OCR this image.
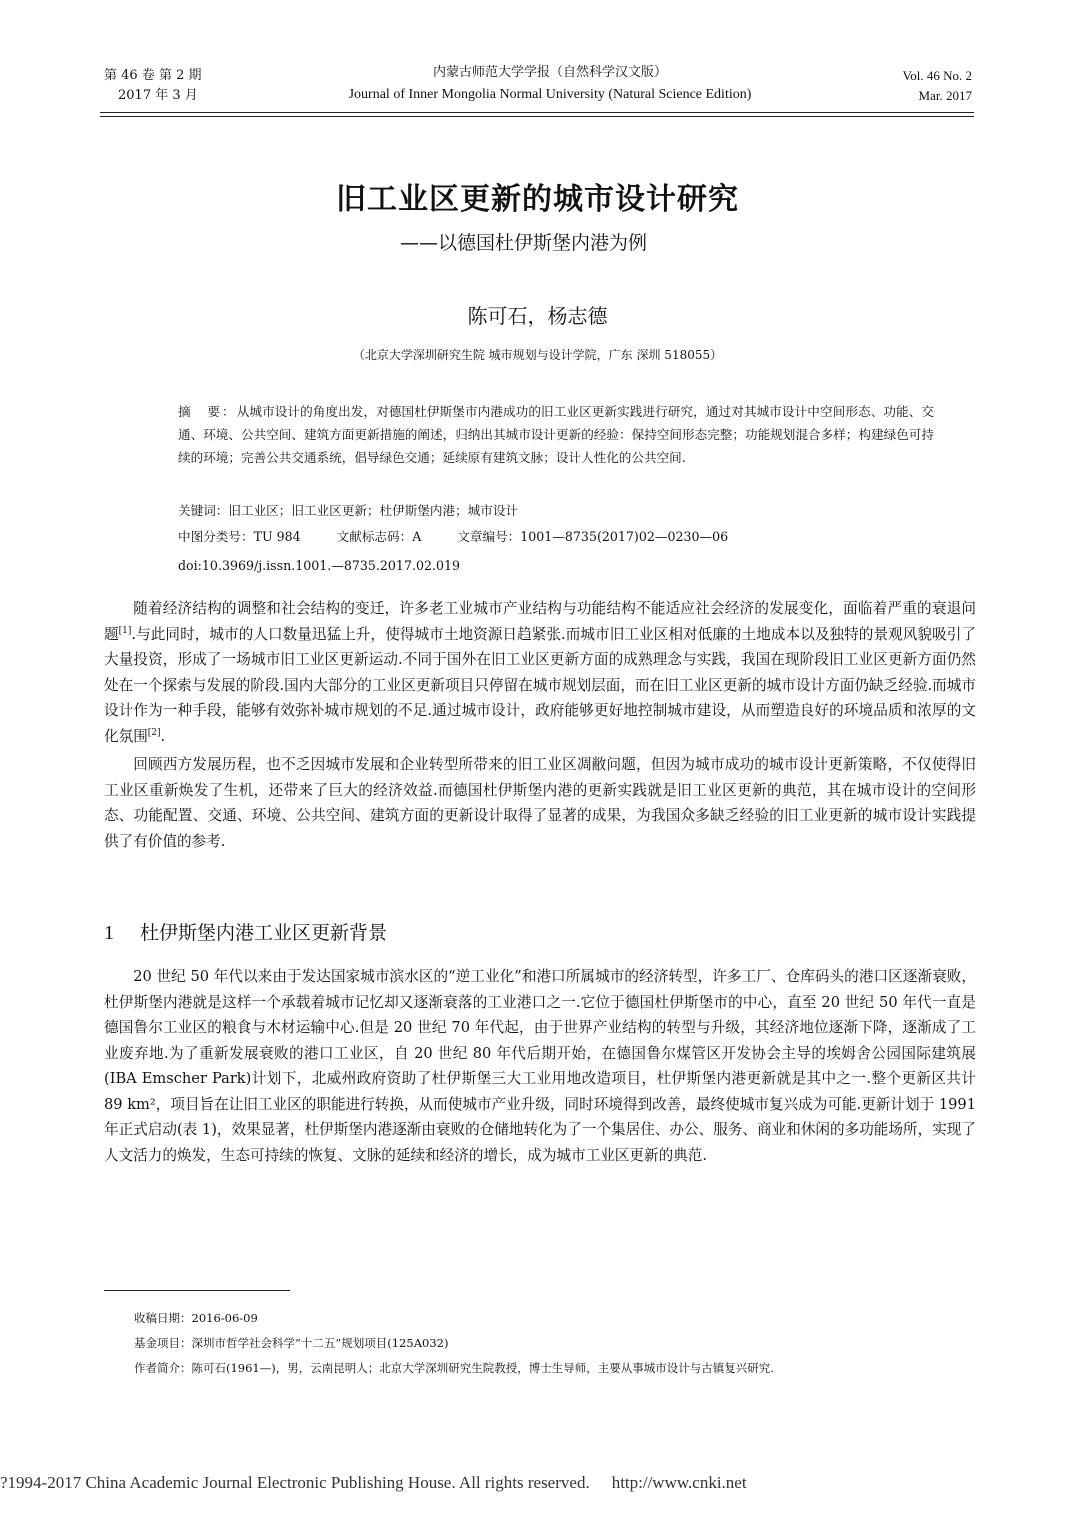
第 46 卷 第 2 期
2017 年 3 月
内蒙古师范大学学报（自然科学汉文版）
Journal of Inner Mongolia Normal University (Natural Science Edition)
Vol. 46 No. 2
Mar. 2017
旧工业区更新的城市设计研究
——以德国杜伊斯堡内港为例
陈可石，杨志德
（北京大学深圳研究生院 城市规划与设计学院，广东 深圳 518055）
摘　要：从城市设计的角度出发，对德国杜伊斯堡市内港成功的旧工业区更新实践进行研究，通过对其城市设计中空间形态、功能、交通、环境、公共空间、建筑方面更新措施的阐述，归纳出其城市设计更新的经验：保持空间形态完整；功能规划混合多样；构建绿色可持续的环境；完善公共交通系统，倡导绿色交通；延续原有建筑文脉；设计人性化的公共空间.
关键词：旧工业区；旧工业区更新；杜伊斯堡内港；城市设计
中图分类号：TU 984	文献标志码：A	文章编号：1001—8735(2017)02—0230—06
doi:10.3969/j.issn.1001.—8735.2017.02.019

随着经济结构的调整和社会结构的变迁，许多老工业城市产业结构与功能结构不能适应社会经济的发展变化，面临着严重的衰退问题[1].与此同时，城市的人口数量迅猛上升，使得城市土地资源日趋紧张.而城市旧工业区相对低廉的土地成本以及独特的景观风貌吸引了大量投资，形成了一场城市旧工业区更新运动.不同于国外在旧工业区更新方面的成熟理念与实践，我国在现阶段旧工业区更新方面仍然处在一个探索与发展的阶段.国内大部分的工业区更新项目只停留在城市规划层面，而在旧工业区更新的城市设计方面仍缺乏经验.而城市设计作为一种手段，能够有效弥补城市规划的不足.通过城市设计，政府能够更好地控制城市建设，从而塑造良好的环境品质和浓厚的文化氛围[2].

回顾西方发展历程，也不乏因城市发展和企业转型所带来的旧工业区凋敝问题，但因为城市成功的城市设计更新策略，不仅使得旧工业区重新焕发了生机，还带来了巨大的经济效益.而德国杜伊斯堡内港的更新实践就是旧工业区更新的典范，其在城市设计的空间形态、功能配置、交通、环境、公共空间、建筑方面的更新设计取得了显著的成果，为我国众多缺乏经验的旧工业更新的城市设计实践提供了有价值的参考.

1 杜伊斯堡内港工业区更新背景

20 世纪 50 年代以来由于发达国家城市滨水区的“逆工业化”和港口所属城市的经济转型，许多工厂、仓库码头的港口区逐渐衰败，杜伊斯堡内港就是这样一个承载着城市记忆却又逐渐衰落的工业港口之一.它位于德国杜伊斯堡市的中心，直至 20 世纪 50 年代一直是德国鲁尔工业区的粮食与木材运输中心.但是 20 世纪 70 年代起，由于世界产业结构的转型与升级，其经济地位逐渐下降，逐渐成了工业废弃地.为了重新发展衰败的港口工业区，自 20 世纪 80 年代后期开始，在德国鲁尔煤管区开发协会主导的埃姆舍公园国际建筑展(IBA Emscher Park)计划下，北威州政府资助了杜伊斯堡三大工业用地改造项目，杜伊斯堡内港更新就是其中之一.整个更新区共计 89 km²，项目旨在让旧工业区的职能进行转换，从而使城市产业升级，同时环境得到改善，最终使城市复兴成为可能.更新计划于 1991 年正式启动(表 1)，效果显著，杜伊斯堡内港逐渐由衰败的仓储地转化为了一个集居住、办公、服务、商业和休闲的多功能场所，实现了人文活力的焕发，生态可持续的恢复、文脉的延续和经济的增长，成为城市工业区更新的典范.

收稿日期：2016-06-09
基金项目：深圳市哲学社会科学“十二五”规划项目(125A032)
作者简介：陈可石(1961—)，男，云南昆明人；北京大学深圳研究生院教授，博士生导师，主要从事城市设计与古镇复兴研究.
?1994-2017 China Academic Journal Electronic Publishing House. All rights reserved. http://www.cnki.net
